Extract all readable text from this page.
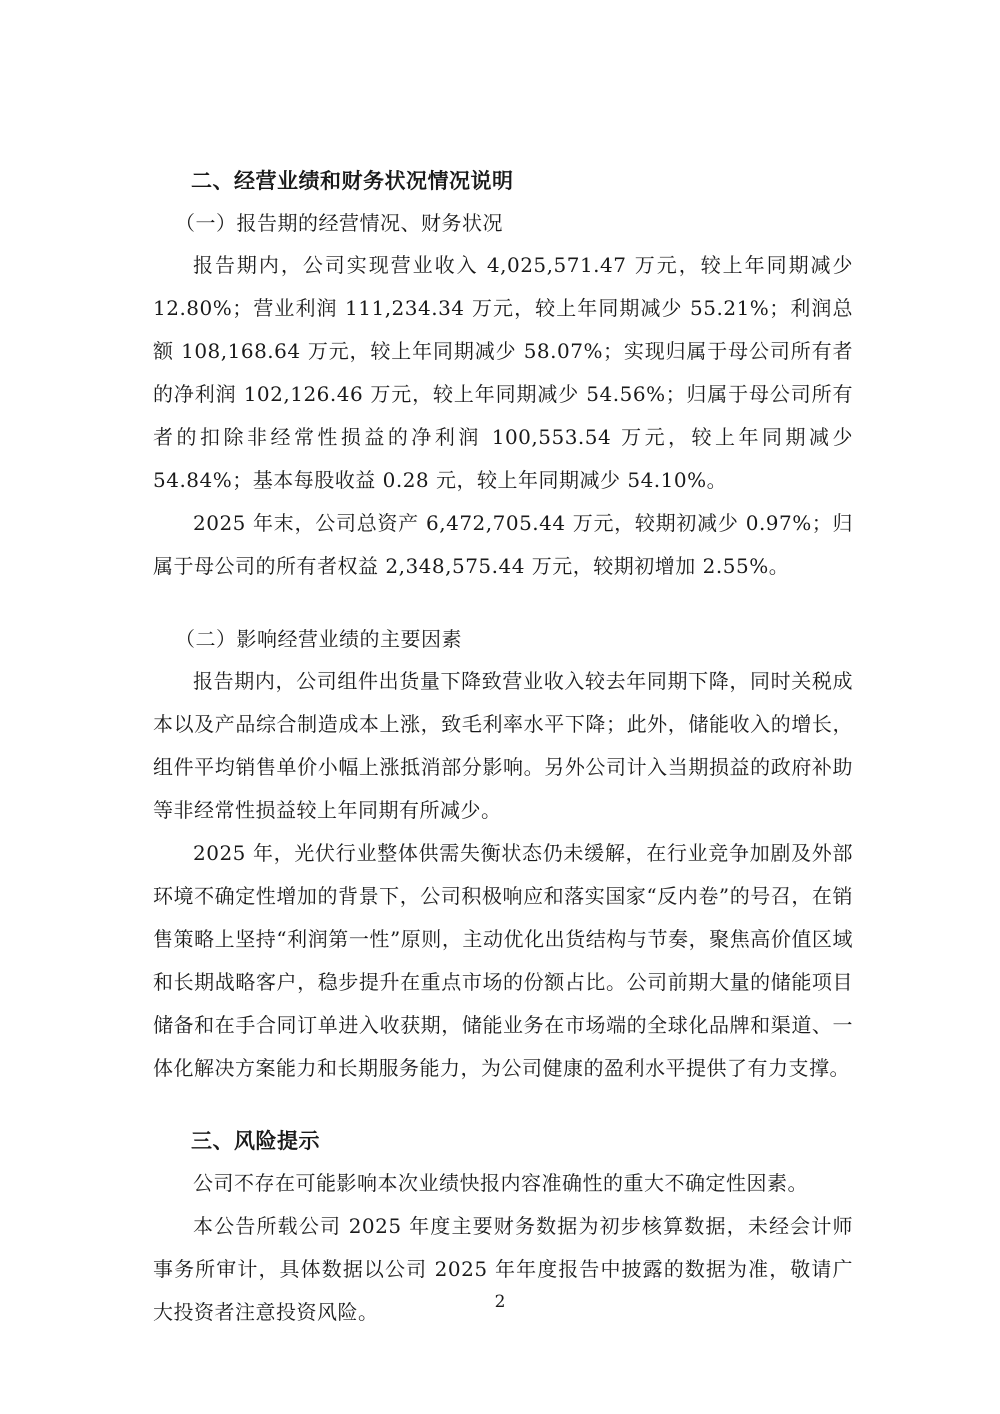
二、经营业绩和财务状况情况说明
（一）报告期的经营情况、财务状况

报告期内，公司实现营业收入 4,025,571.47 万元，较上年同期减少 12.80%；营业利润 111,234.34 万元，较上年同期减少 55.21%；利润总额 108,168.64 万元，较上年同期减少 58.07%；实现归属于母公司所有者的净利润 102,126.46 万元，较上年同期减少 54.56%；归属于母公司所有者的扣除非经常性损益的净利润 100,553.54 万元，较上年同期减少 54.84%；基本每股收益 0.28 元，较上年同期减少 54.10%。

2025 年末，公司总资产 6,472,705.44 万元，较期初减少 0.97%；归属于母公司的所有者权益 2,348,575.44 万元，较期初增加 2.55%。

（二）影响经营业绩的主要因素

报告期内，公司组件出货量下降致营业收入较去年同期下降，同时关税成本以及产品综合制造成本上涨，致毛利率水平下降；此外，储能收入的增长，组件平均销售单价小幅上涨抵消部分影响。另外公司计入当期损益的政府补助等非经常性损益较上年同期有所减少。

2025 年，光伏行业整体供需失衡状态仍未缓解，在行业竞争加剧及外部环境不确定性增加的背景下，公司积极响应和落实国家“反内卷”的号召，在销售策略上坚持“利润第一性”原则，主动优化出货结构与节奏，聚焦高价值区域和长期战略客户，稳步提升在重点市场的份额占比。公司前期大量的储能项目储备和在手合同订单进入收获期，储能业务在市场端的全球化品牌和渠道、一体化解决方案能力和长期服务能力，为公司健康的盈利水平提供了有力支撑。

三、风险提示

公司不存在可能影响本次业绩快报内容准确性的重大不确定性因素。

本公告所载公司 2025 年度主要财务数据为初步核算数据，未经会计师事务所审计，具体数据以公司 2025 年年度报告中披露的数据为准，敬请广大投资者注意投资风险。	2
